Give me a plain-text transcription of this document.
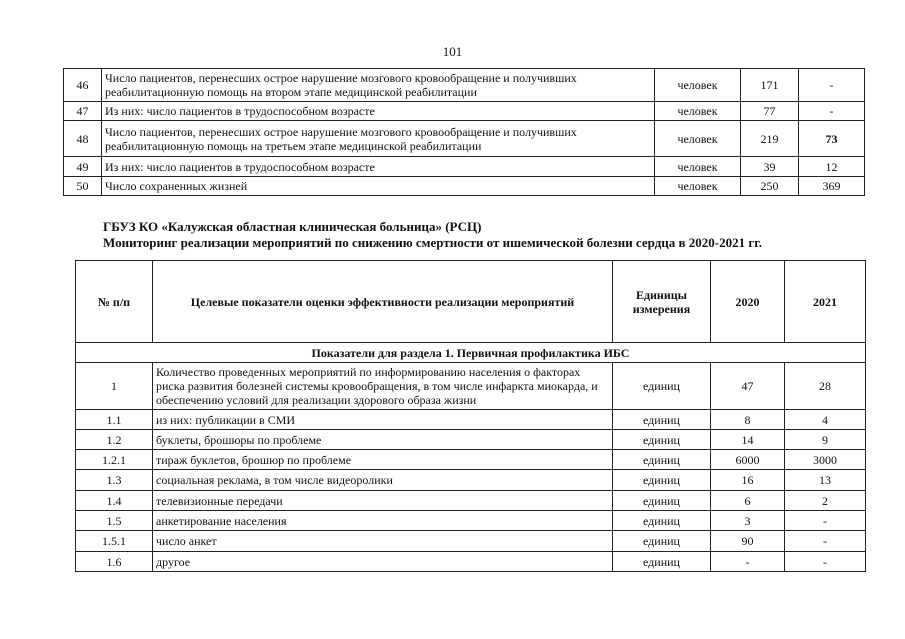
101
46	Число пациентов, перенесших острое нарушение мозгового кровообращение и получивших реабилитационную помощь на втором этапе медицинской реабилитации	человек	171	-
47	Из них: число пациентов в трудоспособном возрасте	человек	77	-
48	Число пациентов, перенесших острое нарушение мозгового кровообращение и получивших реабилитационную помощь на третьем этапе медицинской реабилитации	человек	219	73
49	Из них: число пациентов в трудоспособном возрасте	человек	39	12
50	Число сохраненных жизней	человек	250	369
ГБУЗ КО «Калужская областная клиническая больница» (РСЦ)
Мониторинг реализации мероприятий по снижению смертности от ишемической болезни сердца в 2020-2021 гг.
№ п/п	Целевые показатели оценки эффективности реализации мероприятий	Единицы измерения	2020	2021
Показатели для раздела 1. Первичная профилактика ИБС				
1	Количество проведенных мероприятий по информированию населения о факторах риска развития болезней системы кровообращения, в том числе инфаркта миокарда, и обеспечению условий для реализации здорового образа жизни	единиц	47	28
1.1	из них: публикации в СМИ	единиц	8	4
1.2	буклеты, брошюры по проблеме	единиц	14	9
1.2.1	тираж буклетов, брошюр по проблеме	единиц	6000	3000
1.3	социальная реклама, в том числе видеоролики	единиц	16	13
1.4	телевизионные передачи	единиц	6	2
1.5	анкетирование населения	единиц	3	-
1.5.1	число анкет	единиц	90	-
1.6	другое	единиц	-	-
